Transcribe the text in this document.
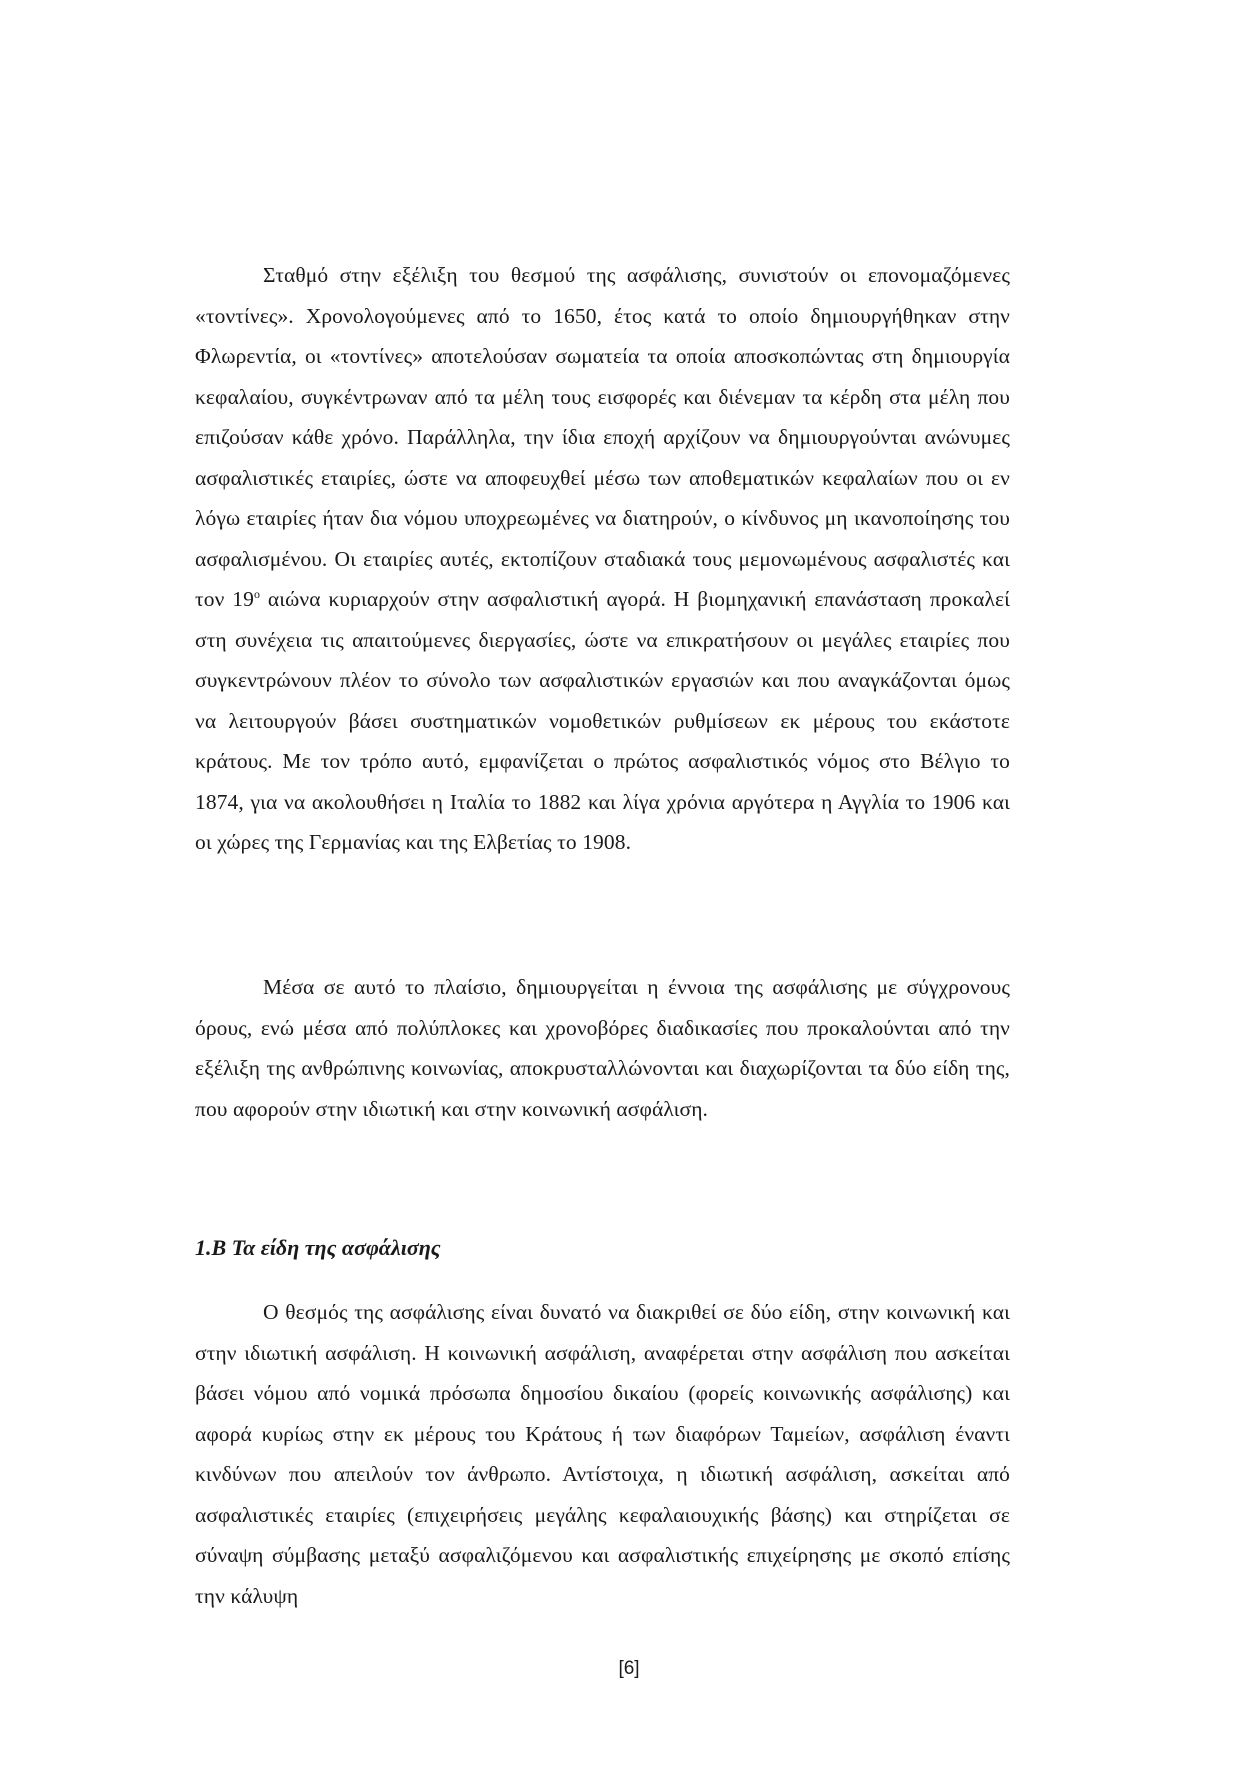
Σταθμό στην εξέλιξη του θεσμού της ασφάλισης, συνιστούν οι επονομαζόμενες «τοντίνες». Χρονολογούμενες από το 1650, έτος κατά το οποίο δημιουργήθηκαν στην Φλωρεντία, οι «τοντίνες» αποτελούσαν σωματεία τα οποία αποσκοπώντας στη δημιουργία κεφαλαίου, συγκέντρωναν από τα μέλη τους εισφορές και διένεμαν τα κέρδη στα μέλη που επιζούσαν κάθε χρόνο. Παράλληλα, την ίδια εποχή αρχίζουν να δημιουργούνται ανώνυμες ασφαλιστικές εταιρίες, ώστε να αποφευχθεί μέσω των αποθεματικών κεφαλαίων που οι εν λόγω εταιρίες ήταν δια νόμου υποχρεωμένες να διατηρούν, ο κίνδυνος μη ικανοποίησης του ασφαλισμένου. Οι εταιρίες αυτές, εκτοπίζουν σταδιακά τους μεμονωμένους ασφαλιστές και τον $19^o$ αιώνα κυριαρχούν στην ασφαλιστική αγορά. Η βιομηχανική επανάσταση προκαλεί στη συνέχεια τις απαιτούμενες διεργασίες, ώστε να επικρατήσουν οι μεγάλες εταιρίες που συγκεντρώνουν πλέον το σύνολο των ασφαλιστικών εργασιών και που αναγκάζονται όμως να λειτουργούν βάσει συστηματικών νομοθετικών ρυθμίσεων εκ μέρους του εκάστοτε κράτους. Με τον τρόπο αυτό, εμφανίζεται ο πρώτος ασφαλιστικός νόμος στο Βέλγιο το 1874, για να ακολουθήσει η Ιταλία το 1882 και λίγα χρόνια αργότερα η Αγγλία το 1906 και οι χώρες της Γερμανίας και της Ελβετίας το 1908.

Μέσα σε αυτό το πλαίσιο, δημιουργείται η έννοια της ασφάλισης με σύγχρονους όρους, ενώ μέσα από πολύπλοκες και χρονοβόρες διαδικασίες που προκαλούνται από την εξέλιξη της ανθρώπινης κοινωνίας, αποκρυσταλλώνονται και διαχωρίζονται τα δύο είδη της, που αφορούν στην ιδιωτική και στην κοινωνική ασφάλιση.

1.Β Τα είδη της ασφάλισης

Ο θεσμός της ασφάλισης είναι δυνατό να διακριθεί σε δύο είδη, στην κοινωνική και στην ιδιωτική ασφάλιση. Η κοινωνική ασφάλιση, αναφέρεται στην ασφάλιση που ασκείται βάσει νόμου από νομικά πρόσωπα δημοσίου δικαίου (φορείς κοινωνικής ασφάλισης) και αφορά κυρίως στην εκ μέρους του Κράτους ή των διαφόρων Ταμείων, ασφάλιση έναντι κινδύνων που απειλούν τον άνθρωπο. Αντίστοιχα, η ιδιωτική ασφάλιση, ασκείται από ασφαλιστικές εταιρίες (επιχειρήσεις μεγάλης κεφαλαιουχικής βάσης) και στηρίζεται σε σύναψη σύμβασης μεταξύ ασφαλιζόμενου και ασφαλιστικής επιχείρησης με σκοπό επίσης την κάλυψη

[6]
